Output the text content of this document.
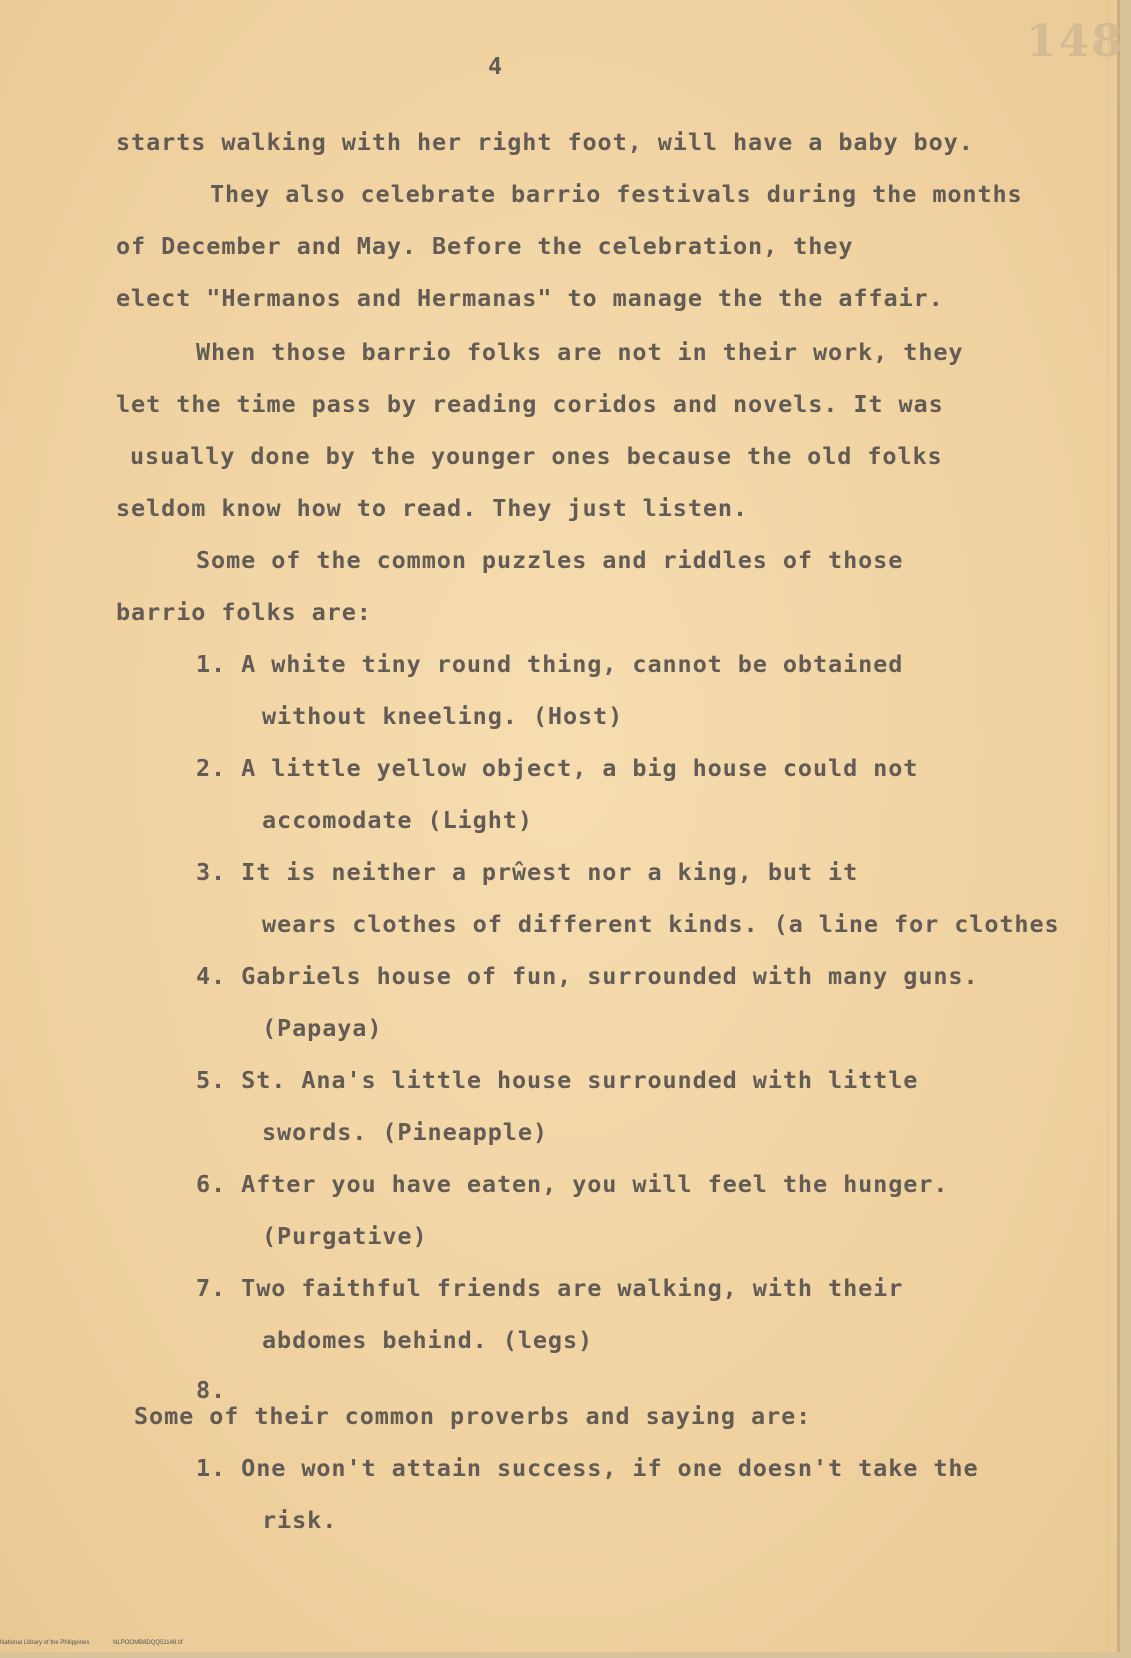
148
4
starts walking with her right foot, will have a baby boy.
They also celebrate barrio festivals during the months
of December and May. Before the celebration, they
elect "Hermanos and Hermanas" to manage the the affair.
When those barrio folks are not in their work, they
let the time pass by reading coridos and novels. It was
usually done by the younger ones because the old folks
seldom know how to read. They just listen.
Some of the common puzzles and riddles of those
barrio folks are:
1. A white tiny round thing, cannot be obtained
without kneeling. (Host)
2. A little yellow object, a big house could not
accomodate (Light)
3. It is neither a prŵest nor a king, but it
wears clothes of different kinds. (a line for clothes
4. Gabriels house of fun, surrounded with many guns.
(Papaya)
5. St. Ana's little house surrounded with little
swords. (Pineapple)
6. After you have eaten, you will feel the hunger.
(Purgative)
7. Two faithful friends are walking, with their
abdomes behind. (legs)
8.
Some of their common proverbs and saying are:
1. One won't attain success, if one doesn't take the
risk.
National Library of the Philippines	NLPOOMB8DQQ51148.tif
